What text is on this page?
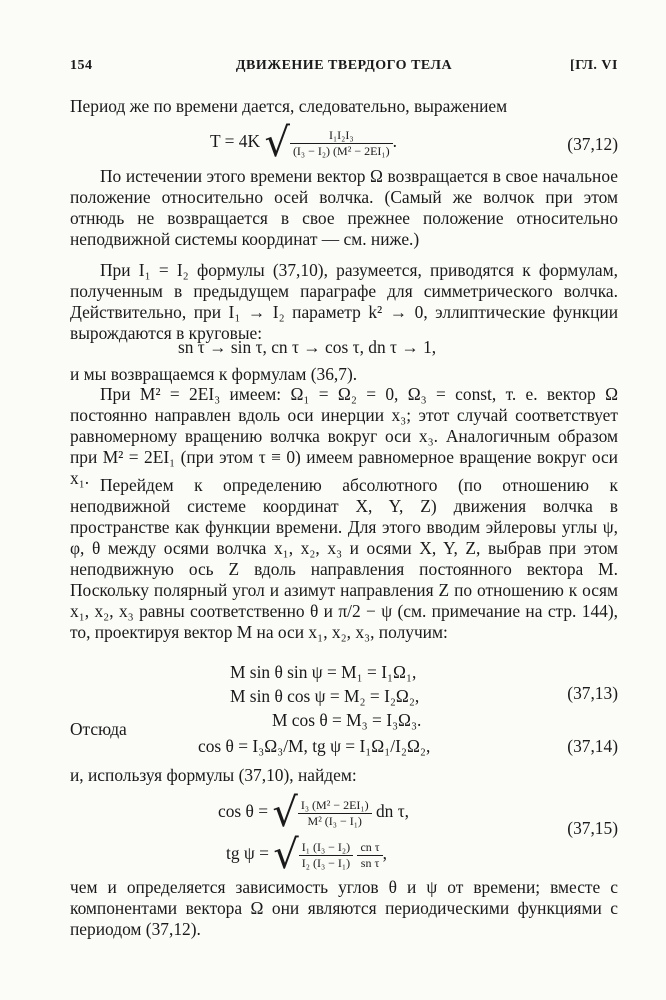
154	ДВИЖЕНИЕ ТВЕРДОГО ТЕЛА	[ГЛ. VI
Период же по времени дается, следовательно, выражением
T = 4K √ $\frac{\text{I₁I₂I₃}}{\text{(I₃ − I₂) (M² − 2EI₁)}}$ .	(37,12)
По истечении этого времени вектор Ω возвращается в свое начальное положение относительно осей волчка. (Самый же волчок при этом отнюдь не возвращается в свое прежнее положение относительно неподвижной системы координат — см. ниже.)
При I₁ = I₂ формулы (37,10), разумеется, приводятся к формулам, полученным в предыдущем параграфе для симметрического волчка. Действительно, при I₁ → I₂ параметр k² → 0, эллиптические функции вырождаются в круговые:
sn τ → sin τ, cn τ → cos τ, dn τ → 1,
и мы возвращаемся к формулам (36,7).
При M² = 2EI₃ имеем: Ω₁ = Ω₂ = 0, Ω₃ = const, т. е. вектор Ω постоянно направлен вдоль оси инерции x₃; этот случай соответствует равномерному вращению волчка вокруг оси x₃. Аналогичным образом при M² = 2EI₁ (при этом τ ≡ 0) имеем равномерное вращение вокруг оси x₁. Перейдем к определению абсолютного (по отношению к неподвижной системе координат X, Y, Z) движения волчка в пространстве как функции времени. Для этого вводим эйлеровы углы ψ, φ, θ между осями волчка x₁, x₂, x₃ и осями X, Y, Z, выбрав при этом неподвижную ось Z вдоль направления постоянного вектора M. Поскольку полярный угол и азимут направления Z по отношению к осям x₁, x₂, x₃ равны соответственно θ и π/2 − ψ (см. примечание на стр. 144), то, проектируя вектор M на оси x₁, x₂, x₃, получим:
M sin θ sin ψ = M₁ = I₁Ω₁,
M sin θ cos ψ = M₂ = I₂Ω₂,
M cos θ = M₃ = I₃Ω₃.
(37,13)
Отсюда
cos θ = I₃Ω₃/M, tg ψ = I₁Ω₁/I₂Ω₂,	(37,14)
и, используя формулы (37,10), найдем:
cos θ = √ $\frac{\text{I₃ (M² − 2EI₁)}}{\text{M² (I₃ − I₁)}}$ dn τ,
tg ψ = √ $\frac{\text{I₁ (I₃ − I₂)}}{\text{I₂ (I₃ − I₁)}}$
$\frac{\text{cn τ}}{\text{sn τ}}$ ,
(37,15)
чем и определяется зависимость углов θ и ψ от времени; вместе с компонентами вектора Ω они являются периодическими функциями с периодом (37,12).
